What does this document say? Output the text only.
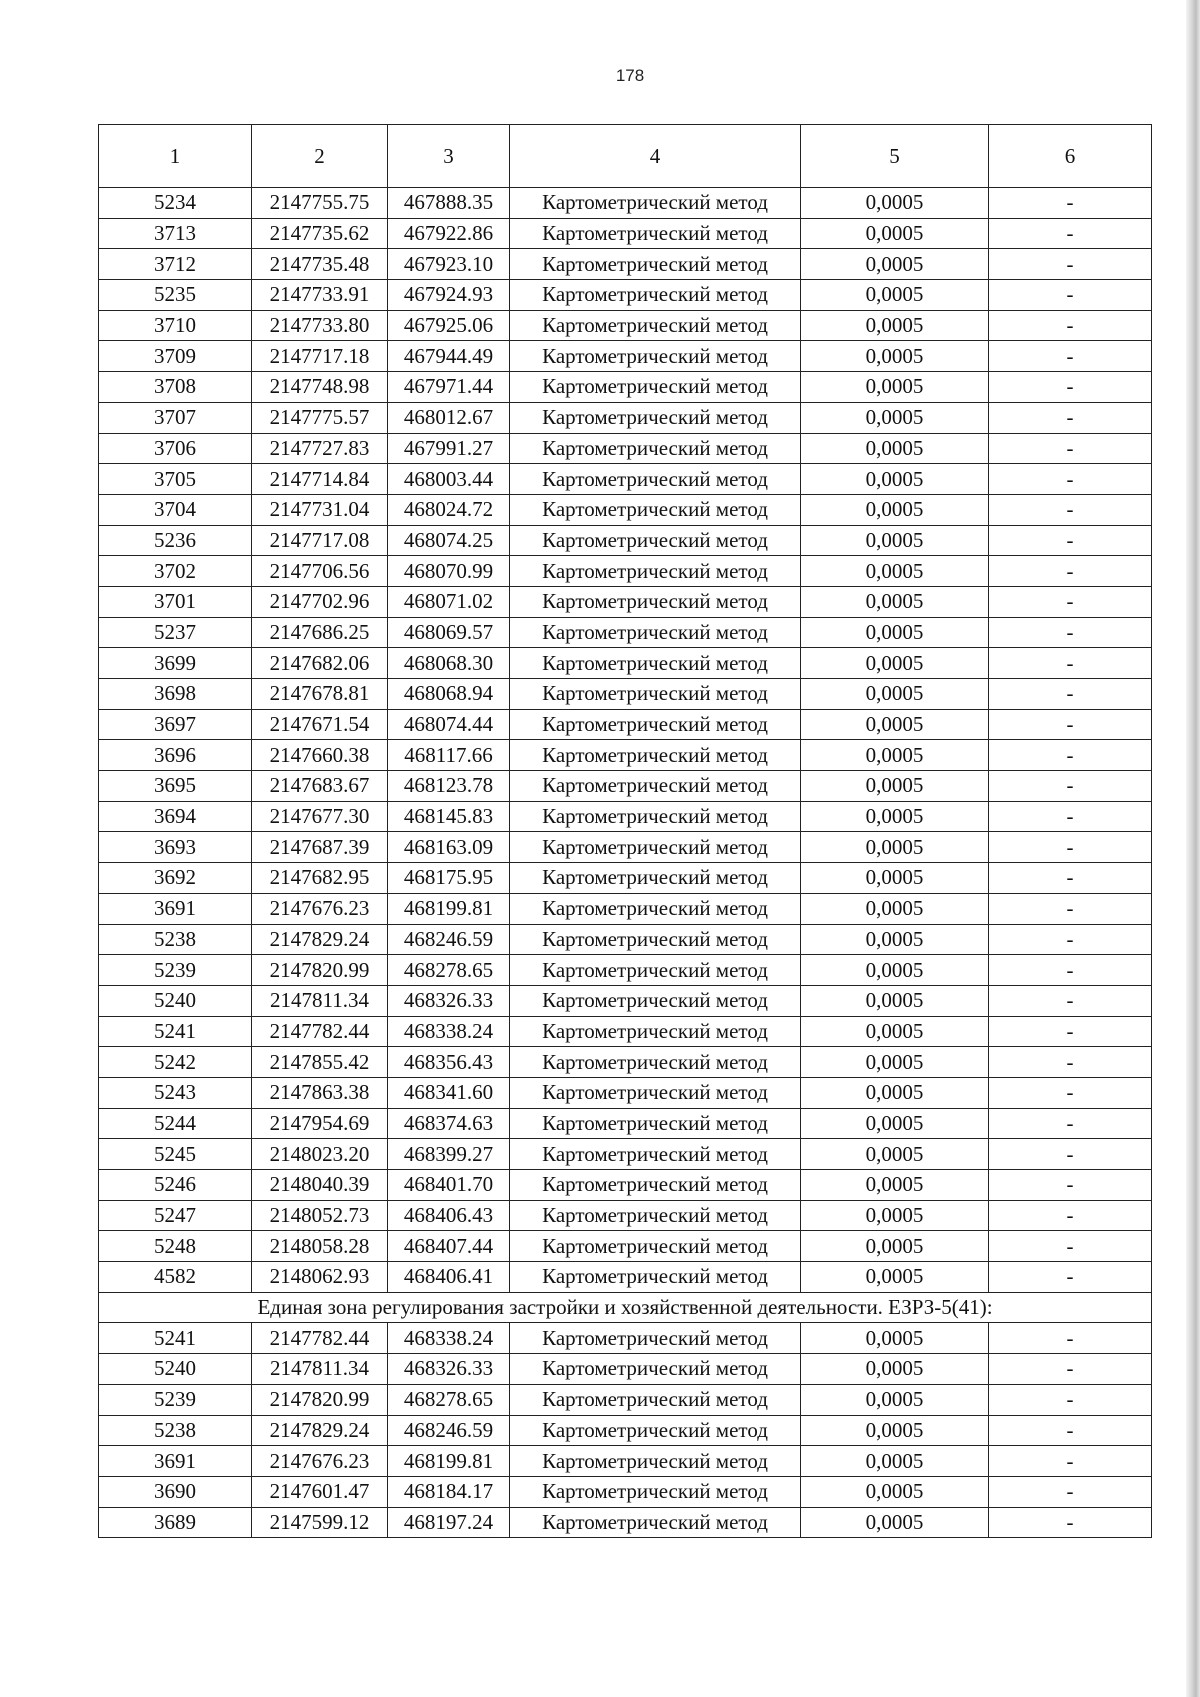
178
1	2	3	4	5	6
5234	2147755.75	467888.35	Картометрический метод	0,0005	-
3713	2147735.62	467922.86	Картометрический метод	0,0005	-
3712	2147735.48	467923.10	Картометрический метод	0,0005	-
5235	2147733.91	467924.93	Картометрический метод	0,0005	-
3710	2147733.80	467925.06	Картометрический метод	0,0005	-
3709	2147717.18	467944.49	Картометрический метод	0,0005	-
3708	2147748.98	467971.44	Картометрический метод	0,0005	-
3707	2147775.57	468012.67	Картометрический метод	0,0005	-
3706	2147727.83	467991.27	Картометрический метод	0,0005	-
3705	2147714.84	468003.44	Картометрический метод	0,0005	-
3704	2147731.04	468024.72	Картометрический метод	0,0005	-
5236	2147717.08	468074.25	Картометрический метод	0,0005	-
3702	2147706.56	468070.99	Картометрический метод	0,0005	-
3701	2147702.96	468071.02	Картометрический метод	0,0005	-
5237	2147686.25	468069.57	Картометрический метод	0,0005	-
3699	2147682.06	468068.30	Картометрический метод	0,0005	-
3698	2147678.81	468068.94	Картометрический метод	0,0005	-
3697	2147671.54	468074.44	Картометрический метод	0,0005	-
3696	2147660.38	468117.66	Картометрический метод	0,0005	-
3695	2147683.67	468123.78	Картометрический метод	0,0005	-
3694	2147677.30	468145.83	Картометрический метод	0,0005	-
3693	2147687.39	468163.09	Картометрический метод	0,0005	-
3692	2147682.95	468175.95	Картометрический метод	0,0005	-
3691	2147676.23	468199.81	Картометрический метод	0,0005	-
5238	2147829.24	468246.59	Картометрический метод	0,0005	-
5239	2147820.99	468278.65	Картометрический метод	0,0005	-
5240	2147811.34	468326.33	Картометрический метод	0,0005	-
5241	2147782.44	468338.24	Картометрический метод	0,0005	-
5242	2147855.42	468356.43	Картометрический метод	0,0005	-
5243	2147863.38	468341.60	Картометрический метод	0,0005	-
5244	2147954.69	468374.63	Картометрический метод	0,0005	-
5245	2148023.20	468399.27	Картометрический метод	0,0005	-
5246	2148040.39	468401.70	Картометрический метод	0,0005	-
5247	2148052.73	468406.43	Картометрический метод	0,0005	-
5248	2148058.28	468407.44	Картометрический метод	0,0005	-
4582	2148062.93	468406.41	Картометрический метод	0,0005	-
Единая зона регулирования застройки и хозяйственной деятельности. ЕЗРЗ-5(41):					
5241	2147782.44	468338.24	Картометрический метод	0,0005	-
5240	2147811.34	468326.33	Картометрический метод	0,0005	-
5239	2147820.99	468278.65	Картометрический метод	0,0005	-
5238	2147829.24	468246.59	Картометрический метод	0,0005	-
3691	2147676.23	468199.81	Картометрический метод	0,0005	-
3690	2147601.47	468184.17	Картометрический метод	0,0005	-
3689	2147599.12	468197.24	Картометрический метод	0,0005	-
